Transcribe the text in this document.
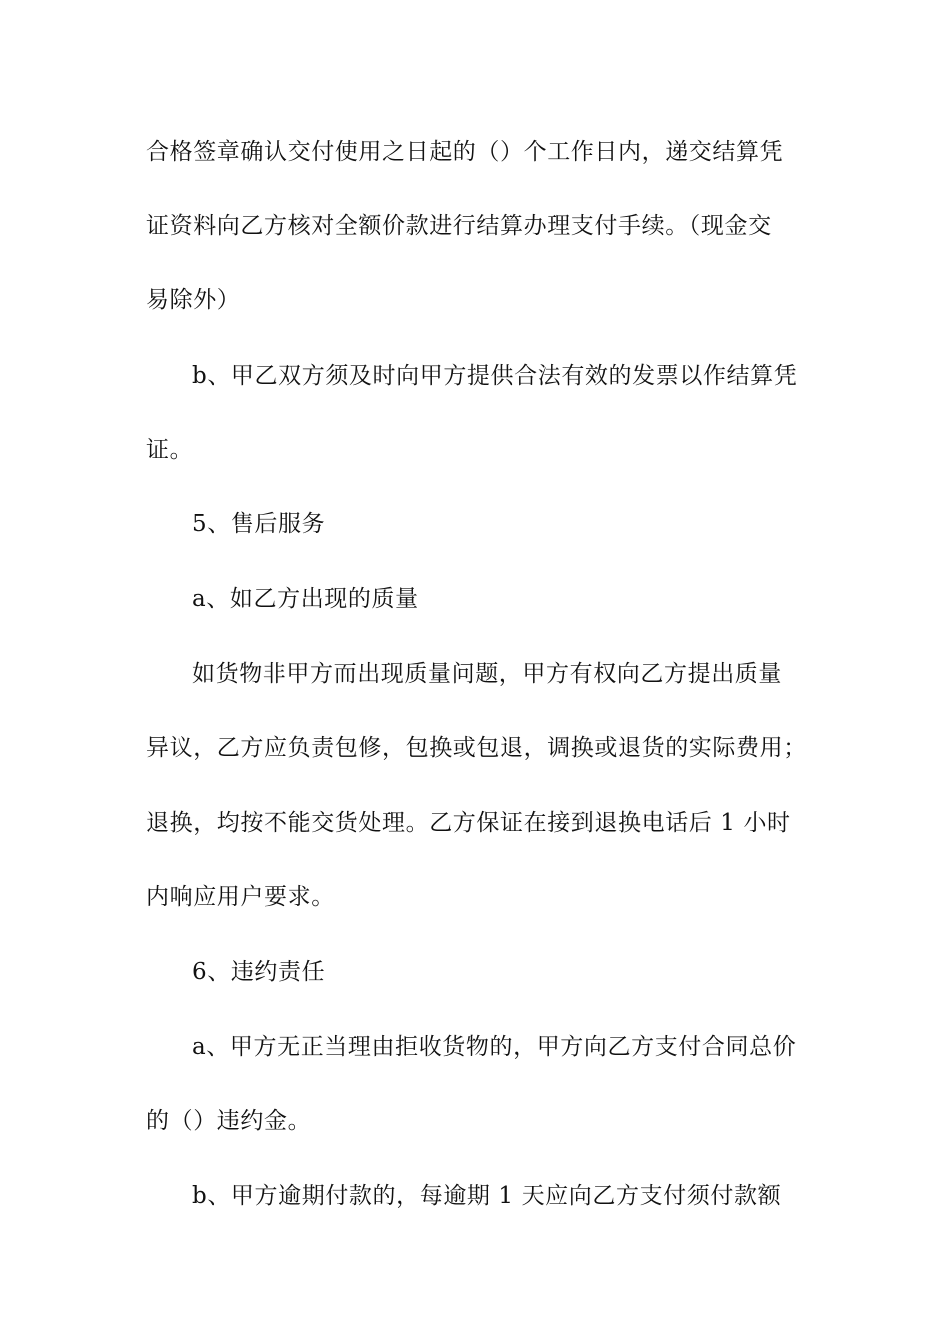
合格签章确认交付使用之日起的（）个工作日内，递交结算凭
证资料向乙方核对全额价款进行结算办理支付手续。（现金交
易除外）
b、甲乙双方须及时向甲方提供合法有效的发票以作结算凭
证。
5、售后服务
a、如乙方出现的质量
如货物非甲方而出现质量问题，甲方有权向乙方提出质量
异议，乙方应负责包修，包换或包退，调换或退货的实际费用；
退换，均按不能交货处理。乙方保证在接到退换电话后 1 小时
内响应用户要求。
6、违约责任
a、甲方无正当理由拒收货物的，甲方向乙方支付合同总价
的（）违约金。
b、甲方逾期付款的，每逾期 1 天应向乙方支付须付款额
